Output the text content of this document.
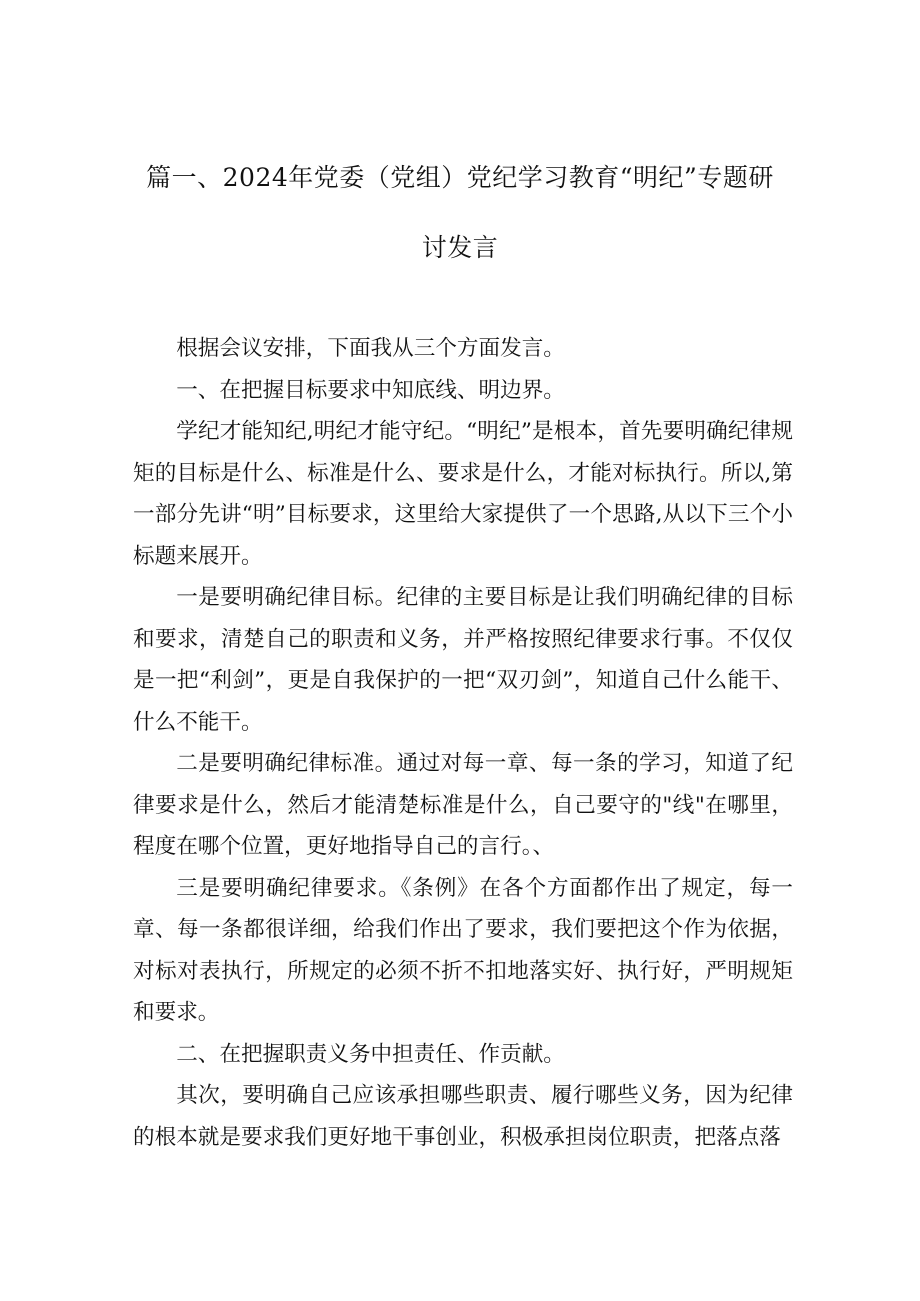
篇一、2024年党委（党组）党纪学习教育“明纪”专题研
讨发言

根据会议安排，下面我从三个方面发言。

一、在把握目标要求中知底线、明边界。

学纪才能知纪,明纪才能守纪。“明纪”是根本，首先要明确纪律规矩的目标是什么、标准是什么、要求是什么，才能对标执行。所以,第一部分先讲“明”目标要求，这里给大家提供了一个思路,从以下三个小标题来展开。

一是要明确纪律目标。纪律的主要目标是让我们明确纪律的目标和要求，清楚自己的职责和义务，并严格按照纪律要求行事。不仅仅是一把“利剑”，更是自我保护的一把“双刃剑”，知道自己什么能干、什么不能干。

二是要明确纪律标准。通过对每一章、每一条的学习，知道了纪律要求是什么，然后才能清楚标准是什么，自己要守的"线"在哪里，程度在哪个位置，更好地指导自己的言行。、

三是要明确纪律要求。《条例》在各个方面都作出了规定，每一章、每一条都很详细，给我们作出了要求，我们要把这个作为依据，对标对表执行，所规定的必须不折不扣地落实好、执行好，严明规矩和要求。

二、在把握职责义务中担责任、作贡献。

其次，要明确自己应该承担哪些职责、履行哪些义务，因为纪律的根本就是要求我们更好地干事创业，积极承担岗位职责，把落点落
